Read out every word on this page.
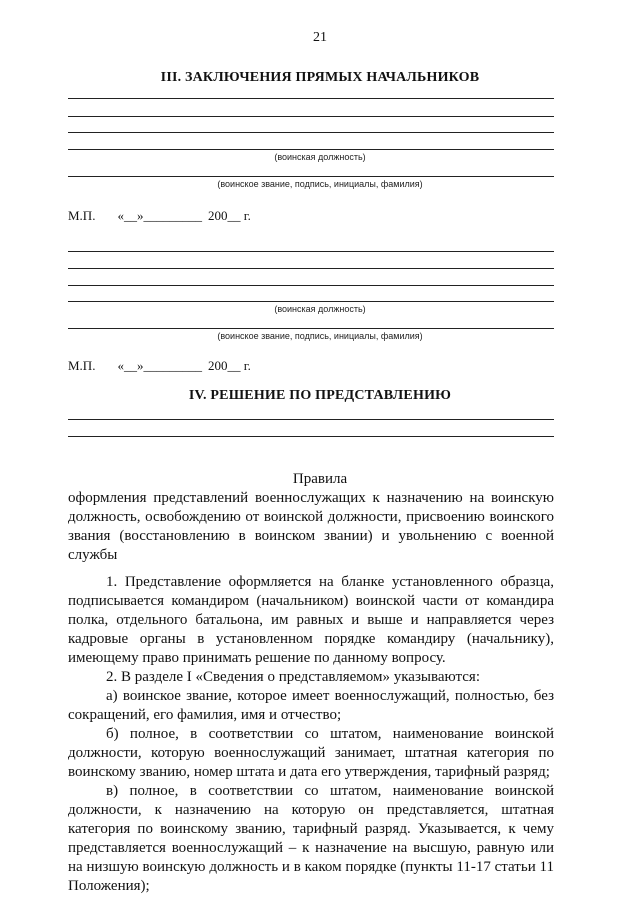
21
III. ЗАКЛЮЧЕНИЯ ПРЯМЫХ НАЧАЛЬНИКОВ
(воинская должность)
(воинское звание, подпись, инициалы, фамилия)
М.П. «__»_________ 200__ г.
(воинская должность)
(воинское звание, подпись, инициалы, фамилия)
М.П. «__»_________ 200__ г.
IV. РЕШЕНИЕ ПО ПРЕДСТАВЛЕНИЮ
Правила
оформления представлений военнослужащих к назначению на воинскую должность, освобождению от воинской должности, присвоению воинского звания (восстановлению в воинском звании) и увольнению с военной службы

1. Представление оформляется на бланке установленного образца, подписывается командиром (начальником) воинской части от командира полка, отдельного батальона, им равных и выше и направляется через кадровые органы в установленном порядке командиру (начальнику), имеющему право принимать решение по данному вопросу.

2. В разделе I «Сведения о представляемом» указываются:

а) воинское звание, которое имеет военнослужащий, полностью, без сокращений, его фамилия, имя и отчество;

б) полное, в соответствии со штатом, наименование воинской должности, которую военнослужащий занимает, штатная категория по воинскому званию, номер штата и дата его утверждения, тарифный разряд;

в) полное, в соответствии со штатом, наименование воинской должности, к назначению на которую он представляется, штатная категория по воинскому званию, тарифный разряд. Указывается, к чему представляется военнослужащий – к назначение на высшую, равную или на низшую воинскую должность и в каком порядке (пункты 11-17 статьи 11 Положения);
